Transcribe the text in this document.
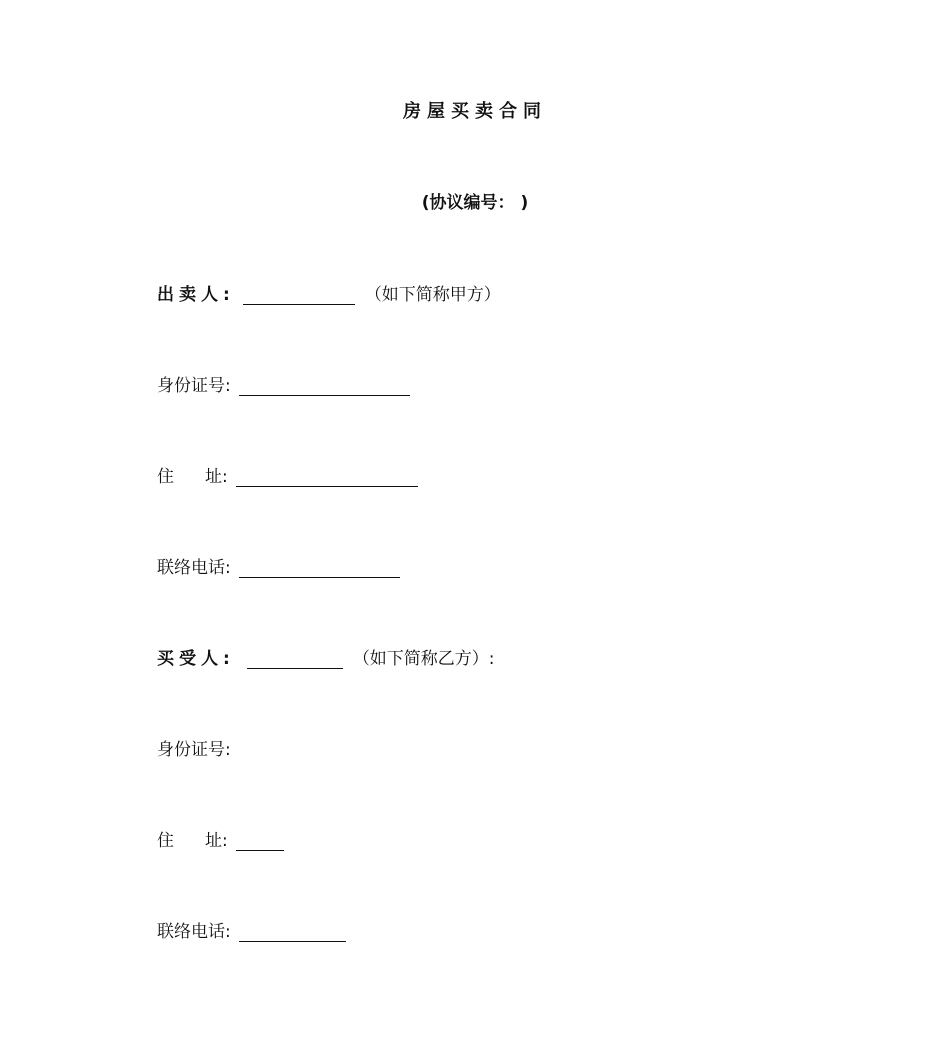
房屋买卖合同
(协议编号： )
出卖人:	（如下简称甲方）
身份证号:
住	址:
联络电话:
买受人:	（如下简称乙方）:
身份证号:
住	址:
联络电话:
